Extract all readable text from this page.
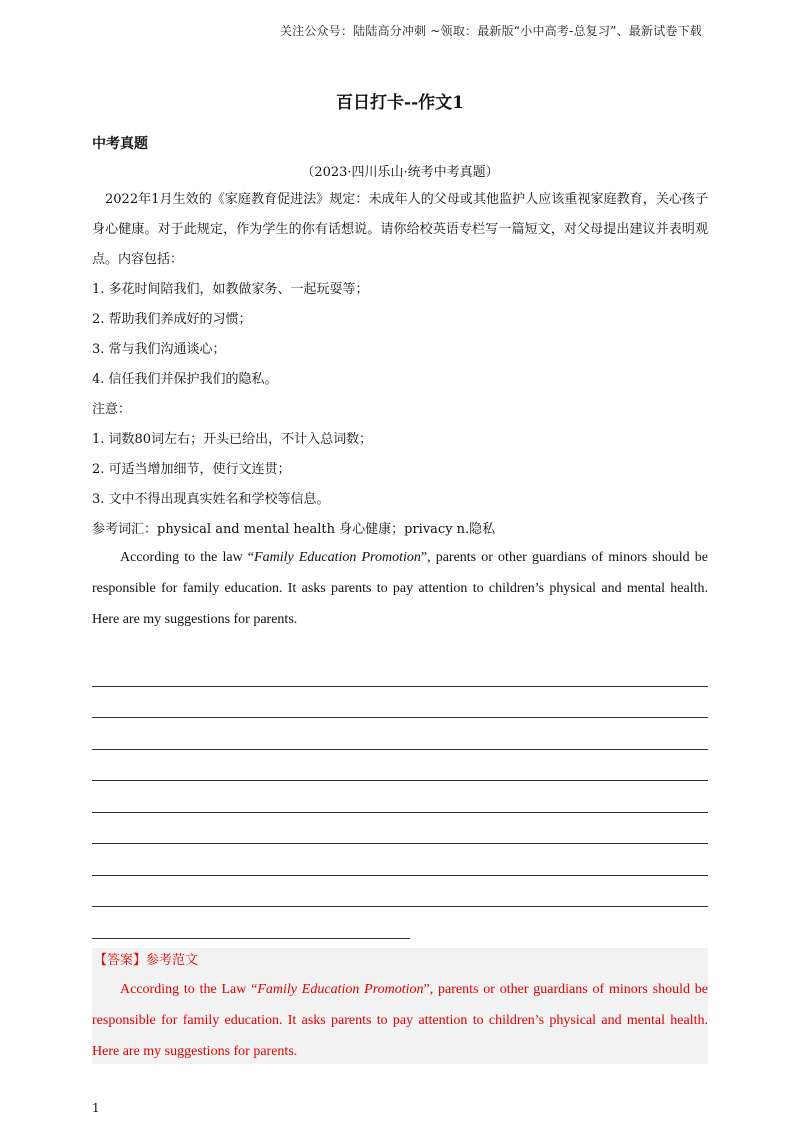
关注公众号：陆陆高分冲刺 ~领取：最新版“小中高考-总复习”、最新试卷下载
百日打卡--作文1
中考真题
（2023·四川乐山·统考中考真题）

2022年1月生效的《家庭教育促进法》规定：未成年人的父母或其他监护人应该重视家庭教育，关心孩子身心健康。对于此规定，作为学生的你有话想说。请你给校英语专栏写一篇短文，对父母提出建议并表明观点。内容包括：

1. 多花时间陪我们，如教做家务、一起玩耍等；

2. 帮助我们养成好的习惯；

3. 常与我们沟通谈心；

4. 信任我们并保护我们的隐私。

注意：

1. 词数80词左右；开头已给出，不计入总词数；

2. 可适当增加细节，使行文连贯；

3. 文中不得出现真实姓名和学校等信息。

参考词汇：physical and mental health 身心健康；privacy n.隐私

According to the law “Family Education Promotion”, parents or other guardians of minors should be responsible for family education. It asks parents to pay attention to children’s physical and mental health. Here are my suggestions for parents.
【答案】参考范文
According to the Law “Family Education Promotion”, parents or other guardians of minors should be responsible for family education. It asks parents to pay attention to children’s physical and mental health. Here are my suggestions for parents.
1
